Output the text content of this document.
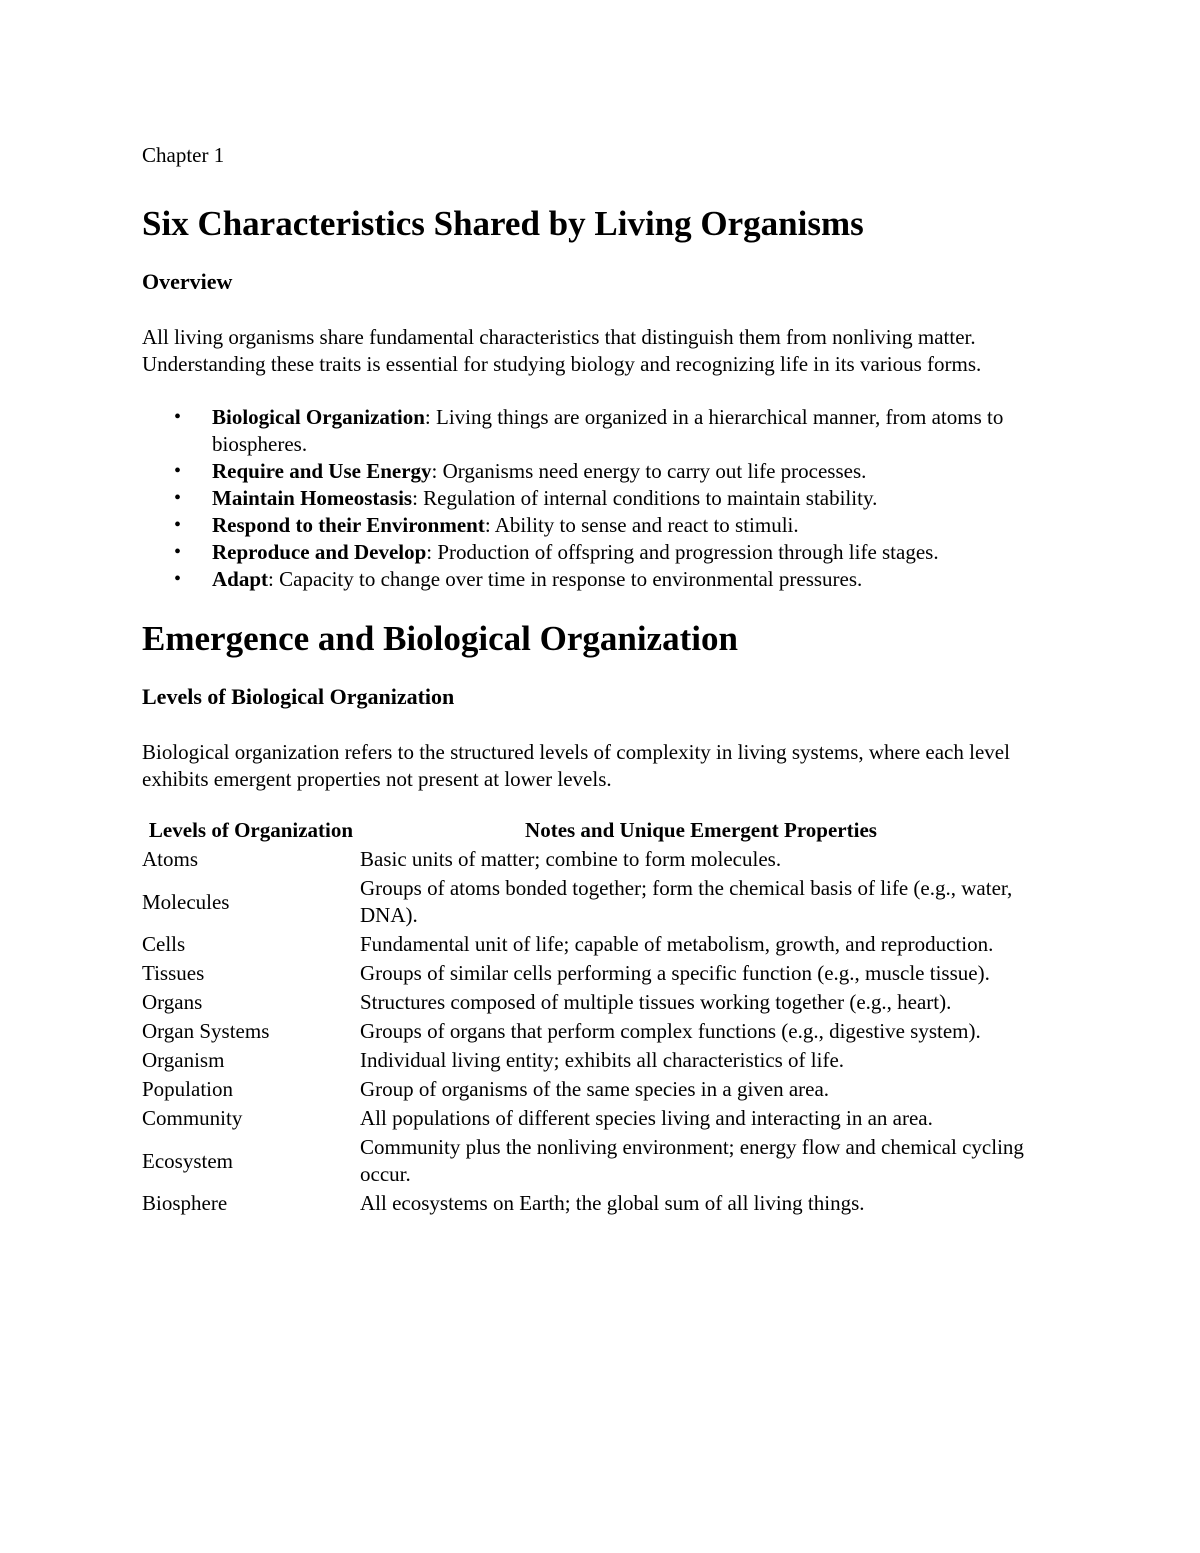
Chapter 1

Six Characteristics Shared by Living Organisms
Overview

All living organisms share fundamental characteristics that distinguish them from nonliving matter. Understanding these traits is essential for studying biology and recognizing life in its various forms.

• Biological Organization: Living things are organized in a hierarchical manner, from atoms to biospheres.
• Require and Use Energy: Organisms need energy to carry out life processes.
• Maintain Homeostasis: Regulation of internal conditions to maintain stability.
• Respond to their Environment: Ability to sense and react to stimuli.
• Reproduce and Develop: Production of offspring and progression through life stages.
• Adapt: Capacity to change over time in response to environmental pressures.
Emergence and Biological Organization
Levels of Biological Organization

Biological organization refers to the structured levels of complexity in living systems, where each level exhibits emergent properties not present at lower levels.

Levels of Organization	Notes and Unique Emergent Properties
Atoms	Basic units of matter; combine to form molecules.
Molecules	Groups of atoms bonded together; form the chemical basis of life (e.g., water, DNA).
Cells	Fundamental unit of life; capable of metabolism, growth, and reproduction.
Tissues	Groups of similar cells performing a specific function (e.g., muscle tissue).
Organs	Structures composed of multiple tissues working together (e.g., heart).
Organ Systems	Groups of organs that perform complex functions (e.g., digestive system).
Organism	Individual living entity; exhibits all characteristics of life.
Population	Group of organisms of the same species in a given area.
Community	All populations of different species living and interacting in an area.
Ecosystem	Community plus the nonliving environment; energy flow and chemical cycling occur.
Biosphere	All ecosystems on Earth; the global sum of all living things.
